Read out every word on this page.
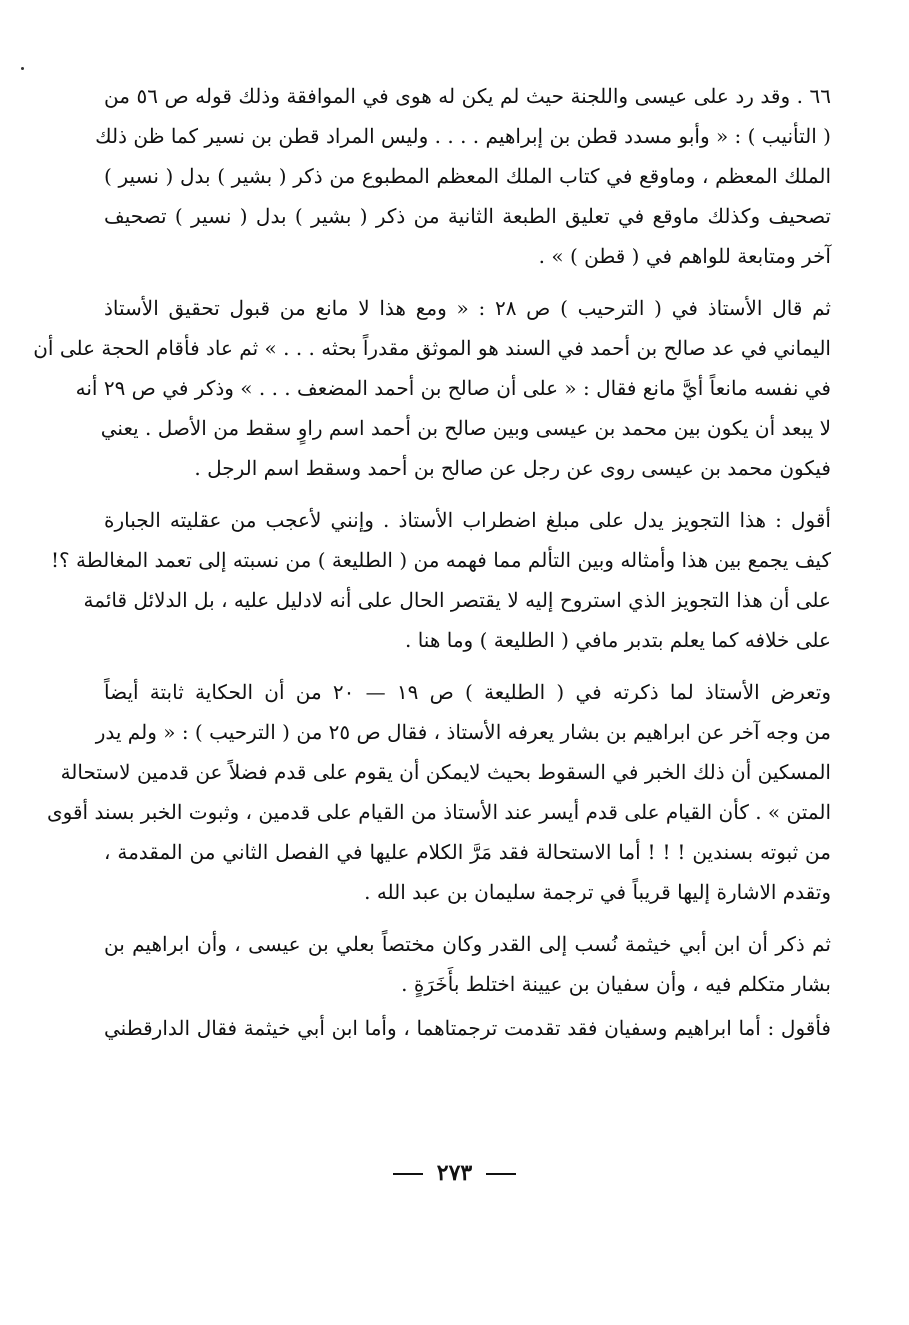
٦٦ . وقد رد على عيسى واللجنة حيث لم يكن له هوى في الموافقة وذلك قوله ص ٥٦ من
( التأنيب ) : « وأبو مسدد قطن بن إبراهيم . . . . وليس المراد قطن بن نسير كما ظن ذلك
الملك المعظم ، وماوقع في كتاب الملك المعظم المطبوع من ذكر ( بشير ) بدل ( نسير )
تصحيف وكذلك ماوقع في تعليق الطبعة الثانية من ذكر ( بشير ) بدل ( نسير ) تصحيف
آخر ومتابعة للواهم في ( قطن ) » .
ثم قال الأستاذ في ( الترحيب ) ص ٢٨ : « ومع هذا لا مانع من قبول تحقيق الأستاذ
اليماني في عد صالح بن أحمد في السند هو الموثق مقدراً بحثه . . . » ثم عاد فأقام الحجة على أن
في نفسه مانعاً أيَّ مانع فقال : « على أن صالح بن أحمد المضعف . . . » وذكر في ص ٢٩ أنه
لا يبعد أن يكون بين محمد بن عيسى وبين صالح بن أحمد اسم راوٍ سقط من الأصل . يعني
فيكون محمد بن عيسى روى عن رجل عن صالح بن أحمد وسقط اسم الرجل .
أقول : هذا التجويز يدل على مبلغ اضطراب الأستاذ . وإنني لأعجب من عقليته الجبارة
كيف يجمع بين هذا وأمثاله وبين التألم مما فهمه من ( الطليعة ) من نسبته إلى تعمد المغالطة ؟!
على أن هذا التجويز الذي استروح إليه لا يقتصر الحال على أنه لادليل عليه ، بل الدلائل قائمة
على خلافه كما يعلم بتدبر مافي ( الطليعة ) وما هنا .
وتعرض الأستاذ لما ذكرته في ( الطليعة ) ص ١٩ — ٢٠ من أن الحكاية ثابتة أيضاً
من وجه آخر عن ابراهيم بن بشار يعرفه الأستاذ ، فقال ص ٢٥ من ( الترحيب ) : « ولم يدر
المسكين أن ذلك الخبر في السقوط بحيث لايمكن أن يقوم على قدم فضلاً عن قدمين لاستحالة
المتن » . كأن القيام على قدم أيسر عند الأستاذ من القيام على قدمين ، وثبوت الخبر بسند أقوى
من ثبوته بسندين ! ! ! أما الاستحالة فقد مَرَّ الكلام عليها في الفصل الثاني من المقدمة ،
وتقدم الاشارة إليها قريباً في ترجمة سليمان بن عبد الله .
ثم ذكر أن ابن أبي خيثمة نُسب إلى القدر وكان مختصاً بعلي بن عيسى ، وأن ابراهيم بن
بشار متكلم فيه ، وأن سفيان بن عيينة اختلط بأَخَرَةٍ .
فأقول : أما ابراهيم وسفيان فقد تقدمت ترجمتاهما ، وأما ابن أبي خيثمة فقال الدارقطني
٢٧٣
